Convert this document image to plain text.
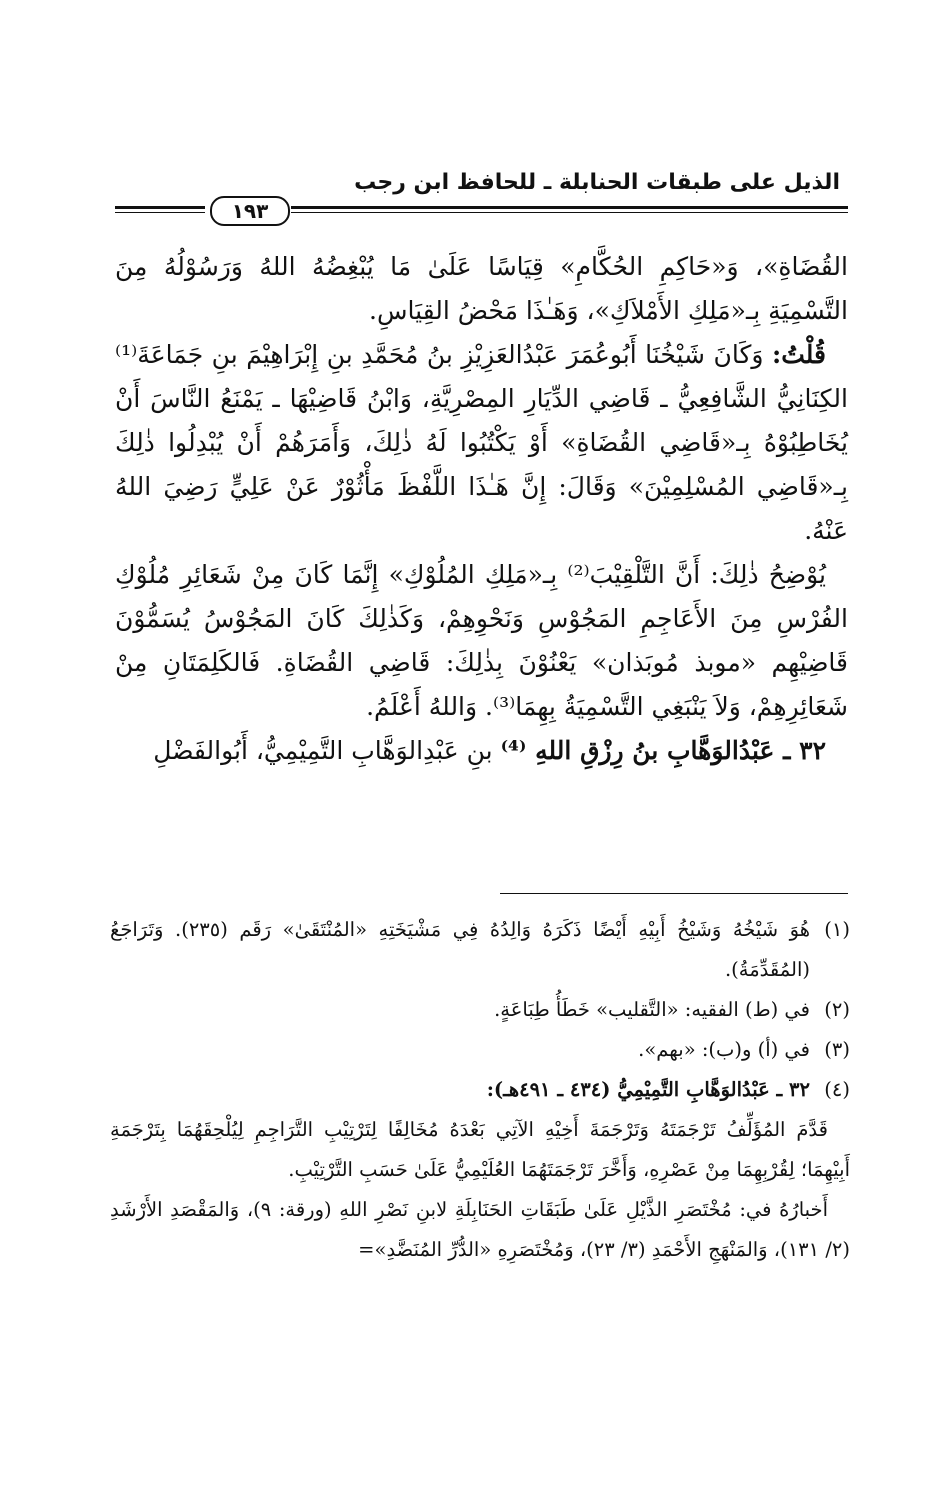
الذيل على طبقات الحنابلة ـ للحافظ ابن رجب
١٩٣

القُضَاةِ»، وَ«حَاكِمِ الحُكَّامِ» قِيَاسًا عَلَىٰ مَا يُبْغِضُهُ اللهُ وَرَسُوْلُهُ مِنَ التَّسْمِيَةِ بِـ«مَلِكِ الأَمْلاَكِ»، وَهَـٰذَا مَحْضُ القِيَاسِ.

قُلْتُ: وَكَانَ شَيْخُنَا أَبُوعُمَرَ عَبْدُالعَزِيْزِ بنُ مُحَمَّدِ بنِ إِبْرَاهِيْمَ بنِ جَمَاعَةَ⁽¹⁾ الكِنَانِيُّ الشَّافِعِيُّ ـ قَاضِي الدِّيَارِ المِصْرِيَّةِ، وَابْنُ قَاضِيْهَا ـ يَمْنَعُ النَّاسَ أَنْ يُخَاطِبُوْهُ بِـ«قَاضِي القُضَاةِ» أَوْ يَكْتُبُوا لَهُ ذٰلِكَ، وَأَمَرَهُمْ أَنْ يُبْدِلُوا ذٰلِكَ بِـ«قَاضِي المُسْلِمِيْنَ» وَقَالَ: إِنَّ هَـٰذَا اللَّفْظَ مَأْثُوْرٌ عَنْ عَلِيٍّ رَضِيَ اللهُ عَنْهُ.

يُوْضِحُ ذٰلِكَ: أَنَّ التَّلْقِيْبَ⁽²⁾ بِـ«مَلِكِ المُلُوْكِ» إِنَّمَا كَانَ مِنْ شَعَائِرِ مُلُوْكِ الفُرْسِ مِنَ الأَعَاجِمِ المَجُوْسِ وَنَحْوِهِمْ، وَكَذٰلِكَ كَانَ المَجُوْسُ يُسَمُّوْنَ قَاضِيْهِم «موبذ مُوبَذان» يَعْنُوْنَ بِذٰلِكَ: قَاضِي القُضَاةِ. فَالكَلِمَتَانِ مِنْ شَعَائِرِهِمْ، وَلاَ يَنْبَغِي التَّسْمِيَةُ بِهِمَا⁽³⁾. وَاللهُ أَعْلَمُ.

٣٢ ـ عَبْدُالوَهَّابِ بنُ رِزْقِ اللهِ ⁽⁴⁾ بنِ عَبْدِالوَهَّابِ التَّمِيْمِيُّ، أَبُوالفَضْلِ

(١)
هُوَ شَيْخُهُ وَشَيْخُ أَبِيْهِ أَيْضًا ذَكَرَهُ وَالِدُهُ فِي مَشْيَخَتِهِ «المُنْتَقَىٰ» رَقَم (٢٣٥). وَتَرَاجَعُ (المُقَدِّمَةُ).
(٢)
في (ط) الفقيه: «التَّقليب» خَطَأُ طِبَاعَةٍ.
(٣)
في (أ) و(ب): «بهم».
(٤)
٣٢ ـ عَبْدُالوَهَّابِ التَّمِيْمِيُّ (٤٣٤ ـ ٤٩١هـ):

قَدَّمَ المُؤَلِّفُ تَرْجَمَتَهُ وَتَرْجَمَةَ أَخِيْهِ الآتِي بَعْدَهُ مُخَالِفًا لِتَرْتِيْبِ التَّرَاجِمِ لِيُلْحِقَهُمَا بِتَرْجَمَةِ أَبِيْهِمَا؛ لِقُرْبِهِمَا مِنْ عَصْرِهِ، وَأَخَّرَ تَرْجَمَتَهُمَا العُلَيْمِيُّ عَلَىٰ حَسَبِ التَّرْتِيْبِ.

أَخبارُهُ في: مُخْتَصَرِ الذَّيْلِ عَلَىٰ طَبَقَاتِ الحَنَابِلَةِ لابنِ نَصْرِ اللهِ (ورقة: ٩)، وَالمَقْصَدِ الأَرْشَدِ (٢/ ١٣١)، وَالمَنْهَجِ الأَحْمَدِ (٣/ ٢٣)، وَمُخْتَصَرِهِ «الدُّرِّ المُنَضَّدِ»=
